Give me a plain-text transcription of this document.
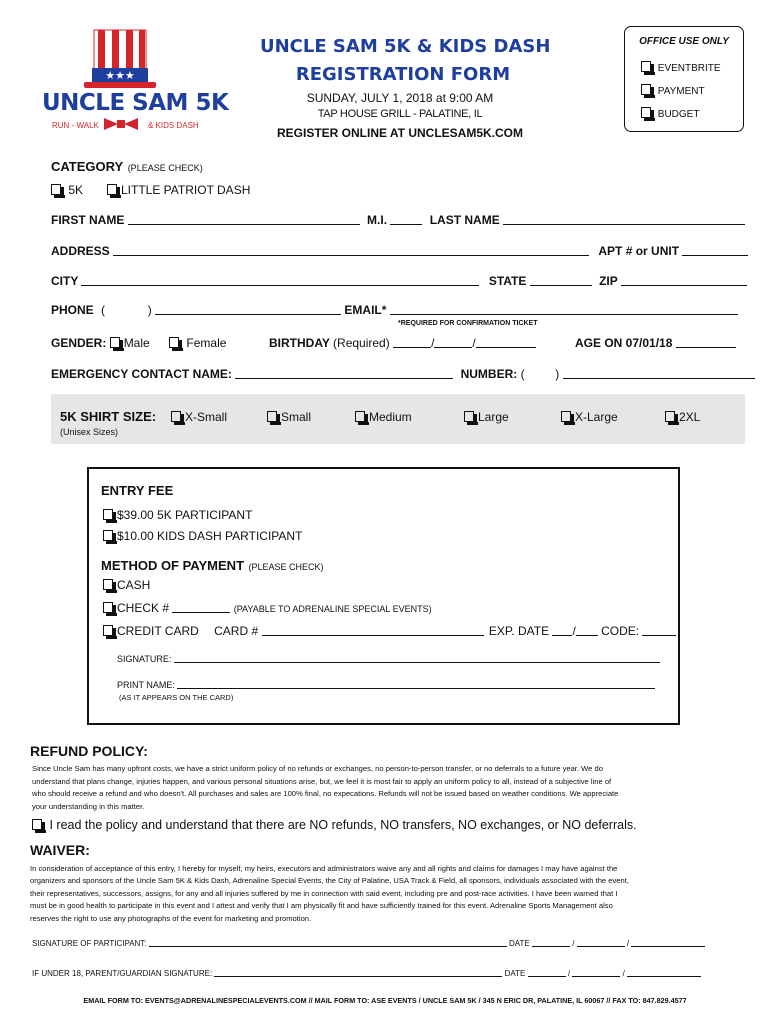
★★★
UNCLE SAM 5K
RUN - WALK	& KIDS DASH
UNCLE SAM 5K & KIDS DASH
REGISTRATION FORM
SUNDAY, JULY 1, 2018 at 9:00 AM
TAP HOUSE GRILL - PALATINE, IL
REGISTER ONLINE AT UNCLESAM5K.COM
OFFICE USE ONLY
EVENTBRITE
PAYMENT
BUDGET
CATEGORY (PLEASE CHECK)
5K	LITTLE PATRIOT DASH
FIRST NAME	M.I.	LAST NAME
ADDRESS	APT # or UNIT
CITY	STATE	ZIP
PHONE (	)	EMAIL*
*REQUIRED FOR CONFIRMATION TICKET
GENDER: Male	Female	BIRTHDAY (Required)	/	/	AGE ON 07/01/18
EMERGENCY CONTACT NAME:	NUMBER: (	)
5K SHIRT SIZE:
(Unisex Sizes)
X-Small	Small	Medium	Large	X-Large	2XL
ENTRY FEE
$39.00 5K PARTICIPANT
$10.00 KIDS DASH PARTICIPANT
METHOD OF PAYMENT (PLEASE CHECK)
CASH
CHECK #	(PAYABLE TO ADRENALINE SPECIAL EVENTS)
CREDIT CARD CARD #	EXP. DATE / CODE:
SIGNATURE:
PRINT NAME:
(AS IT APPEARS ON THE CARD)
REFUND POLICY:
Since Uncle Sam has many upfront costs, we have a strict uniform policy of no refunds or exchanges, no person-to-person transfer, or no deferrals to a future year. We do
understand that plans change, injuries happen, and various personal situations arise, but, we feel it is most fair to apply an uniform policy to all, instead of a subjective line of
who should receive a refund and who doesn't. All purchases and sales are 100% final, no expecations. Refunds will not be issued based on weather conditions. We appreciate
your understanding in this matter.
I read the policy and understand that there are NO refunds, NO transfers, NO exchanges, or NO deferrals.
WAIVER:
In consideration of acceptance of this entry, I hereby for myself, my heirs, executors and administrators waive any and all rights and claims for damages I may have against the
organizers and sponsors of the Uncle Sam 5K & Kids Dash, Adrenaline Special Events, the City of Palatine, USA Track & Field, all sponsors, individuals associated with the event,
their representatives, successors, assigns, for any and all injuries suffered by me in connection with said event, including pre and post-race activities. I have been warned that I
must be in good health to participate in this event and I attest and verify that I am physically fit and have sufficiently trained for this event. Adrenaline Sports Management also
reserves the right to use any photographs of the event for marketing and promotion.
SIGNATURE OF PARTICIPANT:	DATE	/	/
IF UNDER 18, PARENT/GUARDIAN SIGNATURE:	DATE	/	/
EMAIL FORM TO: EVENTS@ADRENALINESPECIALEVENTS.COM // MAIL FORM TO: ASE EVENTS / UNCLE SAM 5K / 345 N ERIC DR, PALATINE, IL 60067 // FAX TO: 847.829.4577
